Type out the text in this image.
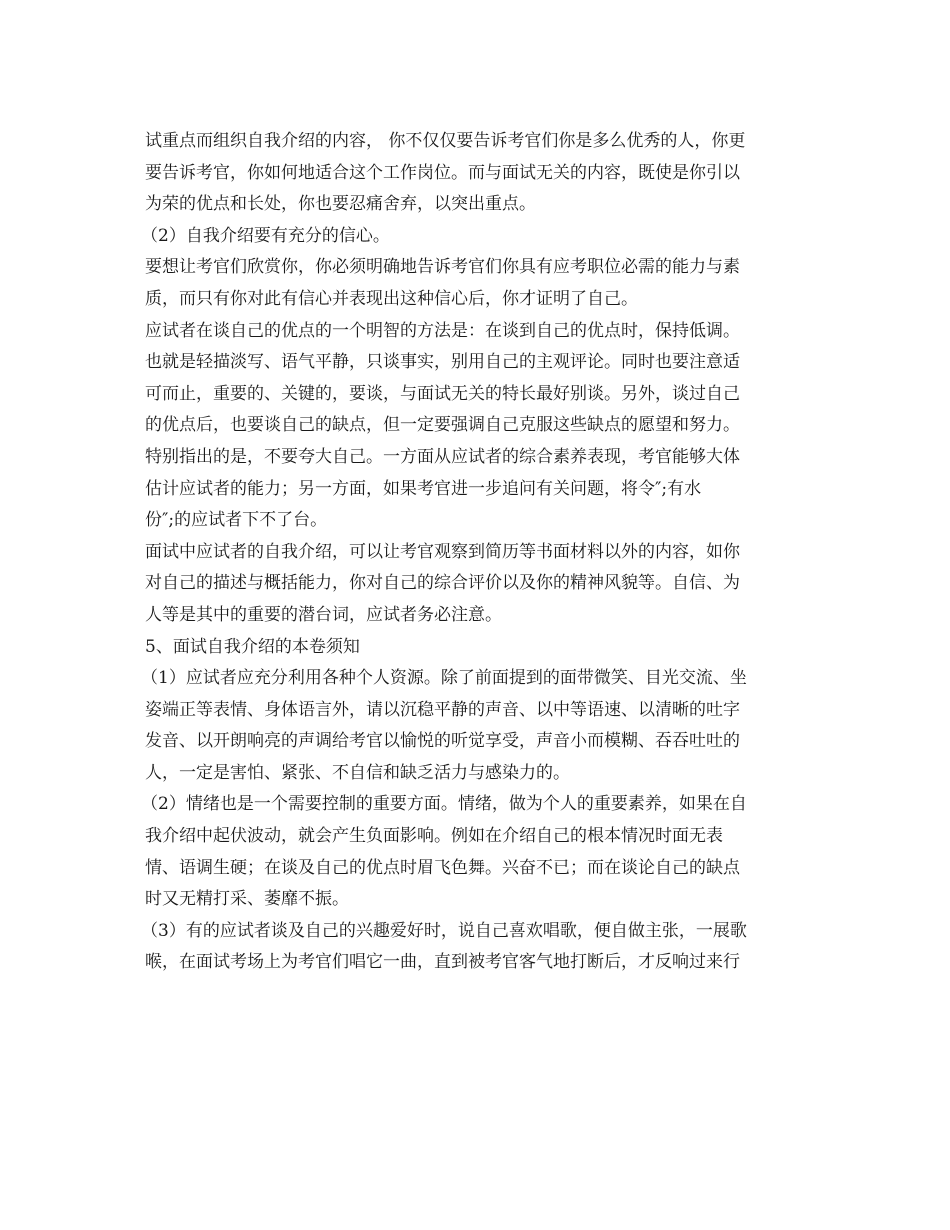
试重点而组织自我介绍的内容， 你不仅仅要告诉考官们你是多么优秀的人，你更
要告诉考官，你如何地适合这个工作岗位。而与面试无关的内容，既使是你引以
为荣的优点和长处，你也要忍痛舍弃，以突出重点。
（2）自我介绍要有充分的信心。
要想让考官们欣赏你，你必须明确地告诉考官们你具有应考职位必需的能力与素
质，而只有你对此有信心并表现出这种信心后，你才证明了自己。
应试者在谈自己的优点的一个明智的方法是：在谈到自己的优点时，保持低调。
也就是轻描淡写、语气平静，只谈事实，别用自己的主观评论。同时也要注意适
可而止，重要的、关键的，要谈，与面试无关的特长最好别谈。另外，谈过自己
的优点后，也要谈自己的缺点，但一定要强调自己克服这些缺点的愿望和努力。
特别指出的是，不要夸大自己。一方面从应试者的综合素养表现，考官能够大体
估计应试者的能力；另一方面，如果考官进一步追问有关问题，将令″;有水
份″;的应试者下不了台。
面试中应试者的自我介绍，可以让考官观察到简历等书面材料以外的内容，如你
对自己的描述与概括能力，你对自己的综合评价以及你的精神风貌等。自信、为
人等是其中的重要的潜台词，应试者务必注意。
5、面试自我介绍的本卷须知
（1）应试者应充分利用各种个人资源。除了前面提到的面带微笑、目光交流、坐
姿端正等表情、身体语言外，请以沉稳平静的声音、以中等语速、以清晰的吐字
发音、以开朗响亮的声调给考官以愉悦的听觉享受，声音小而模糊、吞吞吐吐的
人，一定是害怕、紧张、不自信和缺乏活力与感染力的。
（2）情绪也是一个需要控制的重要方面。情绪，做为个人的重要素养，如果在自
我介绍中起伏波动，就会产生负面影响。例如在介绍自己的根本情况时面无表
情、语调生硬；在谈及自己的优点时眉飞色舞。兴奋不已；而在谈论自己的缺点
时又无精打采、萎靡不振。
（3）有的应试者谈及自己的兴趣爱好时，说自己喜欢唱歌，便自做主张，一展歌
喉，在面试考场上为考官们唱它一曲，直到被考官客气地打断后，才反响过来行
